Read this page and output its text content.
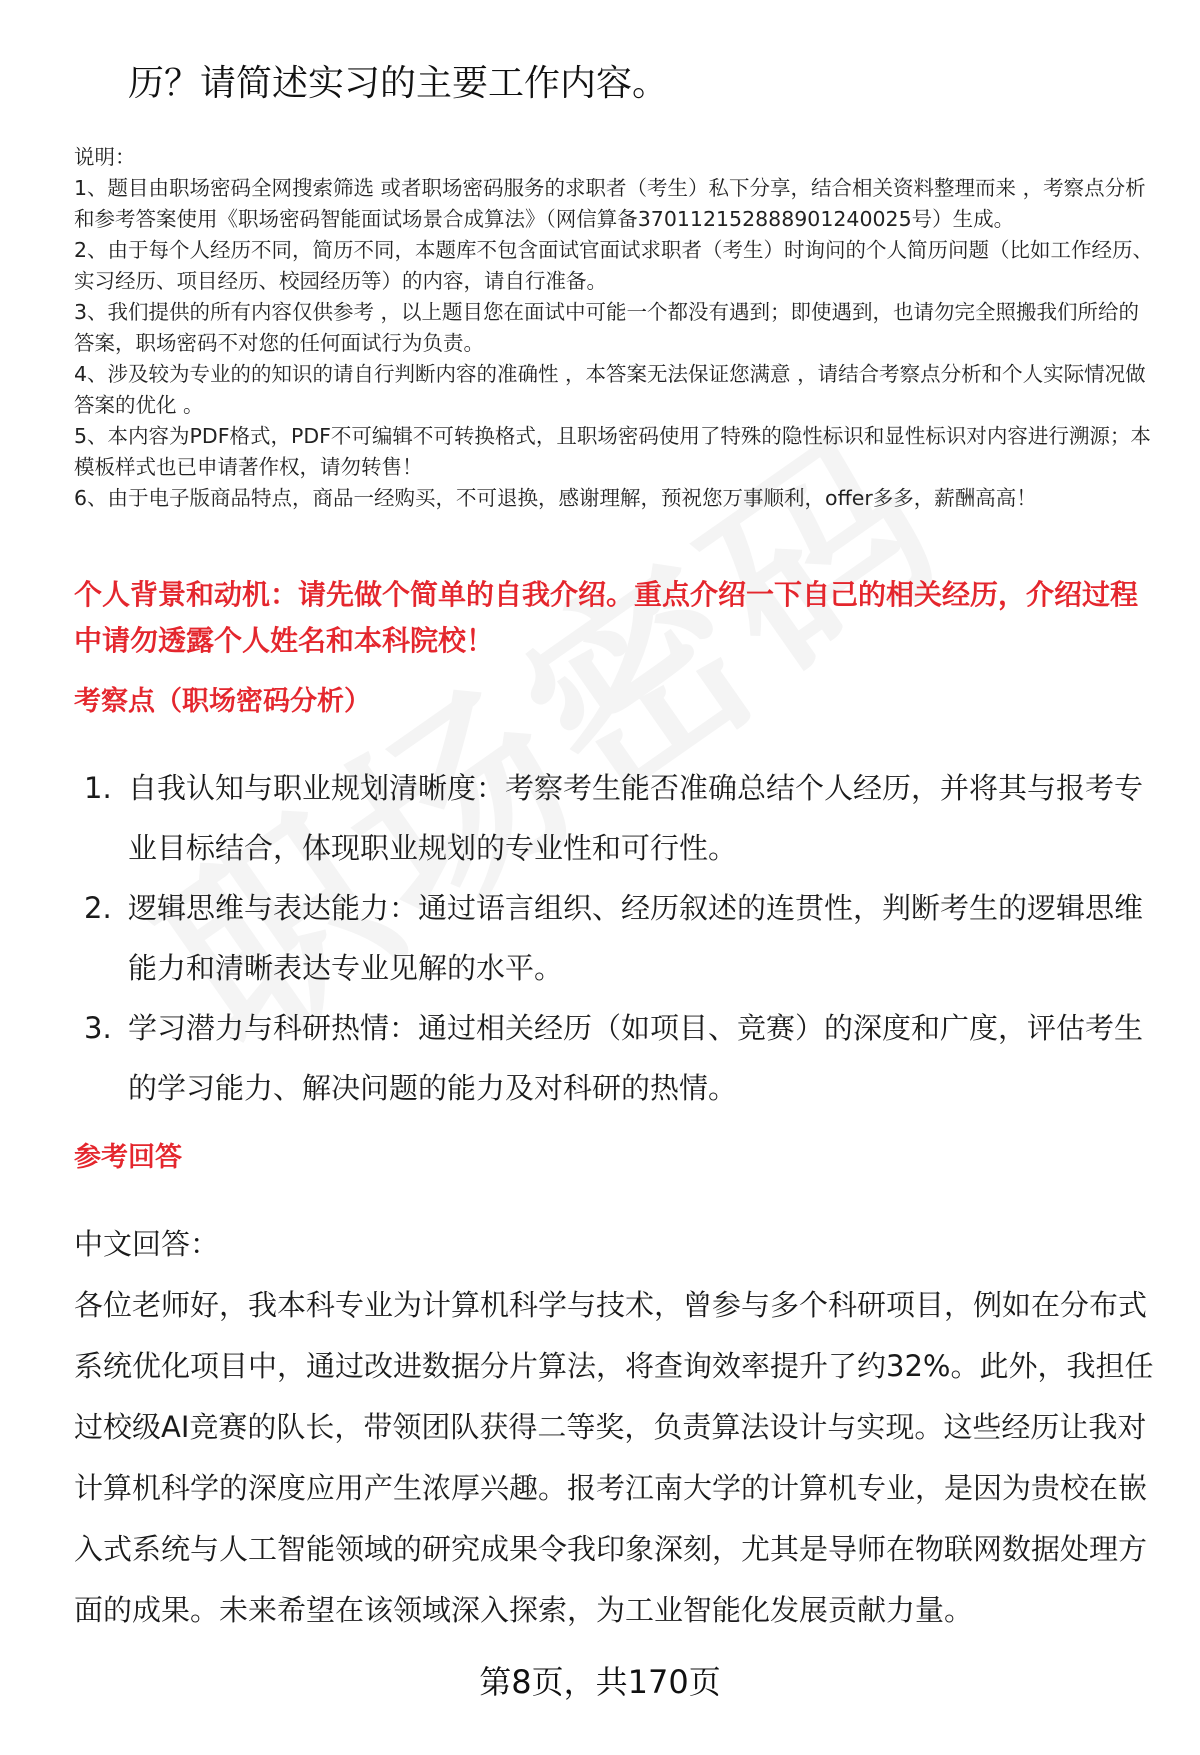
历？请简述实习的主要工作内容。

说明：

1、题目由职场密码全网搜索筛选 或者职场密码服务的求职者（考生）私下分享，结合相关资料整理而来 ，考察点分析和参考答案使用《职场密码智能面试场景合成算法》（网信算备370112152888901240025号）生成。

2、由于每个人经历不同，简历不同，本题库不包含面试官面试求职者（考生）时询问的个人简历问题（比如工作经历、实习经历、项目经历、校园经历等）的内容，请自行准备。

3、我们提供的所有内容仅供参考 ，以上题目您在面试中可能一个都没有遇到；即使遇到，也请勿完全照搬我们所给的答案，职场密码不对您的任何面试行为负责。

4、涉及较为专业的的知识的请自行判断内容的准确性 ，本答案无法保证您满意 ，请结合考察点分析和个人实际情况做答案的优化 。

5、本内容为PDF格式，PDF不可编辑不可转换格式，且职场密码使用了特殊的隐性标识和显性标识对内容进行溯源；本模板样式也已申请著作权，请勿转售！

6、由于电子版商品特点，商品一经购买，不可退换，感谢理解，预祝您万事顺利，offer多多，薪酬高高！

个人背景和动机：请先做个简单的自我介绍。重点介绍一下自己的相关经历，介绍过程中请勿透露个人姓名和本科院校！

考察点（职场密码分析）
1. 自我认知与职业规划清晰度：考察考生能否准确总结个人经历，并将其与报考专业目标结合，体现职业规划的专业性和可行性。
2. 逻辑思维与表达能力：通过语言组织、经历叙述的连贯性，判断考生的逻辑思维能力和清晰表达专业见解的水平。
3. 学习潜力与科研热情：通过相关经历（如项目、竞赛）的深度和广度，评估考生的学习能力、解决问题的能力及对科研的热情。
参考回答

中文回答：

各位老师好，我本科专业为计算机科学与技术，曾参与多个科研项目，例如在分布式系统优化项目中，通过改进数据分片算法，将查询效率提升了约32%。此外，我担任过校级AI竞赛的队长，带领团队获得二等奖，负责算法设计与实现。这些经历让我对计算机科学的深度应用产生浓厚兴趣。报考江南大学的计算机专业，是因为贵校在嵌入式系统与人工智能领域的研究成果令我印象深刻，尤其是导师在物联网数据处理方面的成果。未来希望在该领域深入探索，为工业智能化发展贡献力量。

第8页，共170页
